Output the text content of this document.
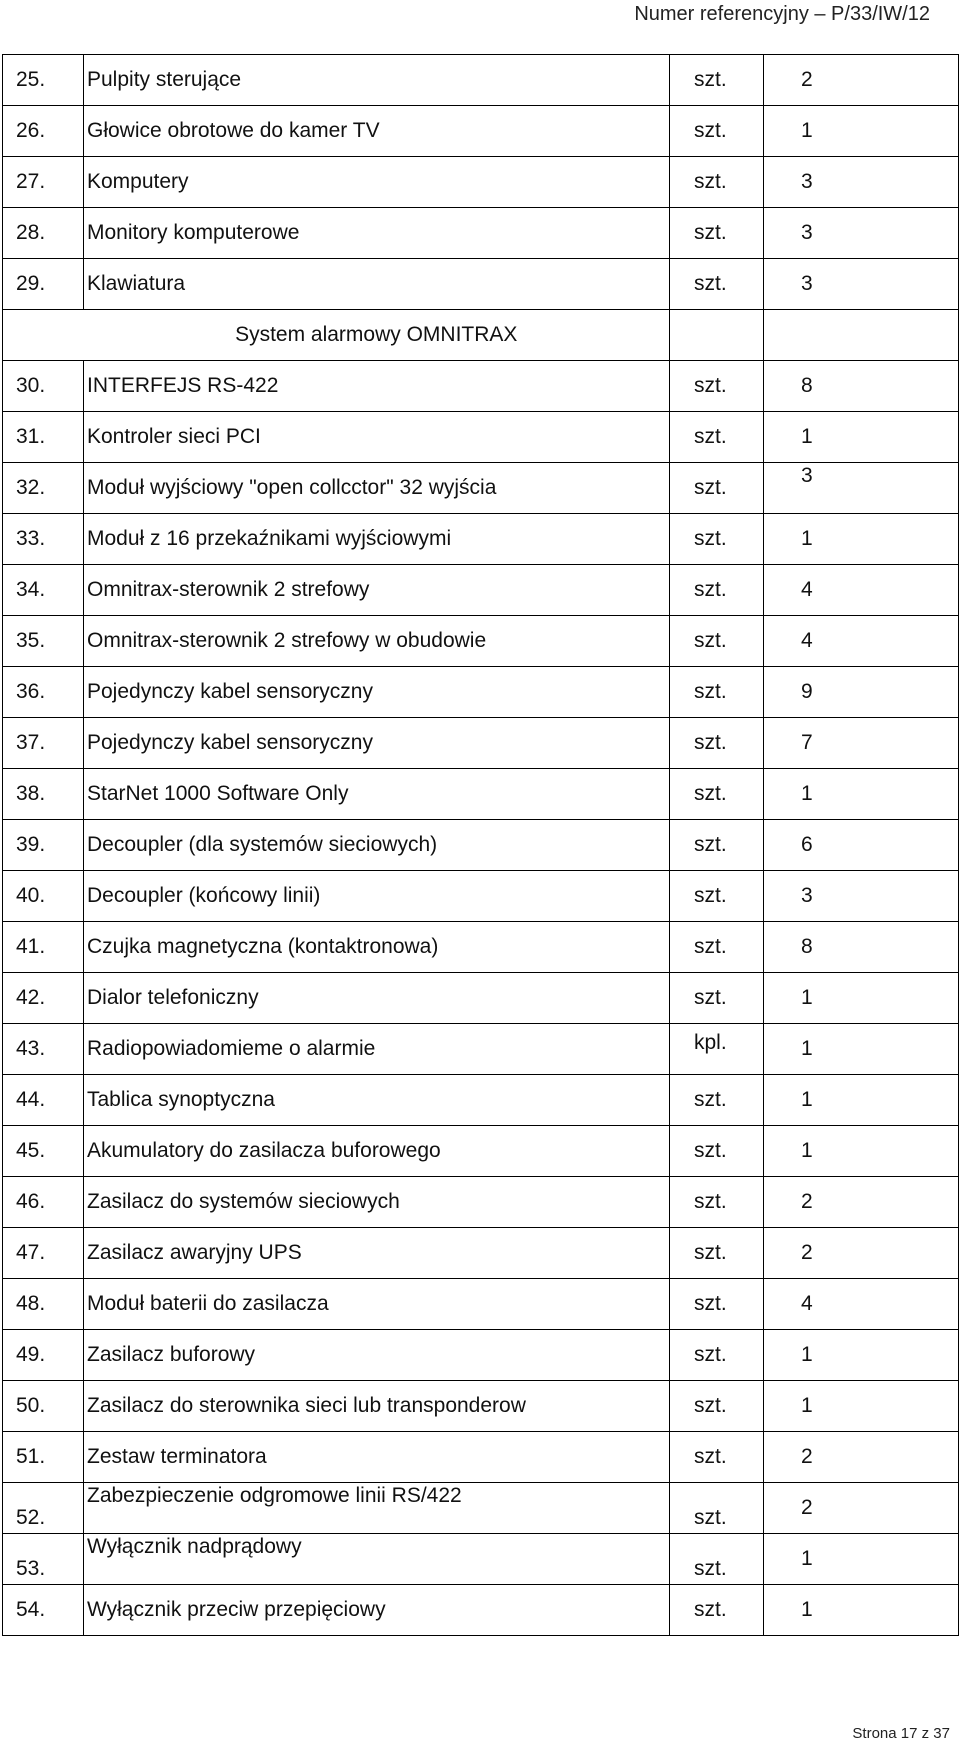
Numer referencyjny – P/33/IW/12
25.	Pulpity sterujące	szt.	2
26.	Głowice obrotowe do kamer TV	szt.	1
27.	Komputery	szt.	3
28.	Monitory komputerowe	szt.	3
29.	Klawiatura	szt.	3
	System alarmowy OMNITRAX		
30.	INTERFEJS RS-422	szt.	8
31.	Kontroler sieci PCI	szt.	1
32.	Moduł wyjściowy "open collcctor" 32 wyjścia	szt.	3
33.	Moduł z 16 przekaźnikami wyjściowymi	szt.	1
34.	Omnitrax-sterownik 2 strefowy	szt.	4
35.	Omnitrax-sterownik 2 strefowy w obudowie	szt.	4
36.	Pojedynczy kabel sensoryczny	szt.	9
37.	Pojedynczy kabel sensoryczny	szt.	7
38.	StarNet 1000 Software Only	szt.	1
39.	Decoupler (dla systemów sieciowych)	szt.	6
40.	Decoupler (końcowy linii)	szt.	3
41.	Czujka magnetyczna (kontaktronowa)	szt.	8
42.	Dialor telefoniczny	szt.	1
43.	Radiopowiadomieme o alarmie	kpl.	1
44.	Tablica synoptyczna	szt.	1
45.	Akumulatory do zasilacza buforowego	szt.	1
46.	Zasilacz do systemów sieciowych	szt.	2
47.	Zasilacz awaryjny UPS	szt.	2
48.	Moduł baterii do zasilacza	szt.	4
49.	Zasilacz buforowy	szt.	1
50.	Zasilacz do sterownika sieci lub transponderow	szt.	1
51.	Zestaw terminatora	szt.	2
52.	Zabezpieczenie odgromowe linii RS/422	szt.	2
53.	Wyłącznik nadprądowy	szt.	1
54.	Wyłącznik przeciw przepięciowy	szt.	1
Strona 17 z 37
